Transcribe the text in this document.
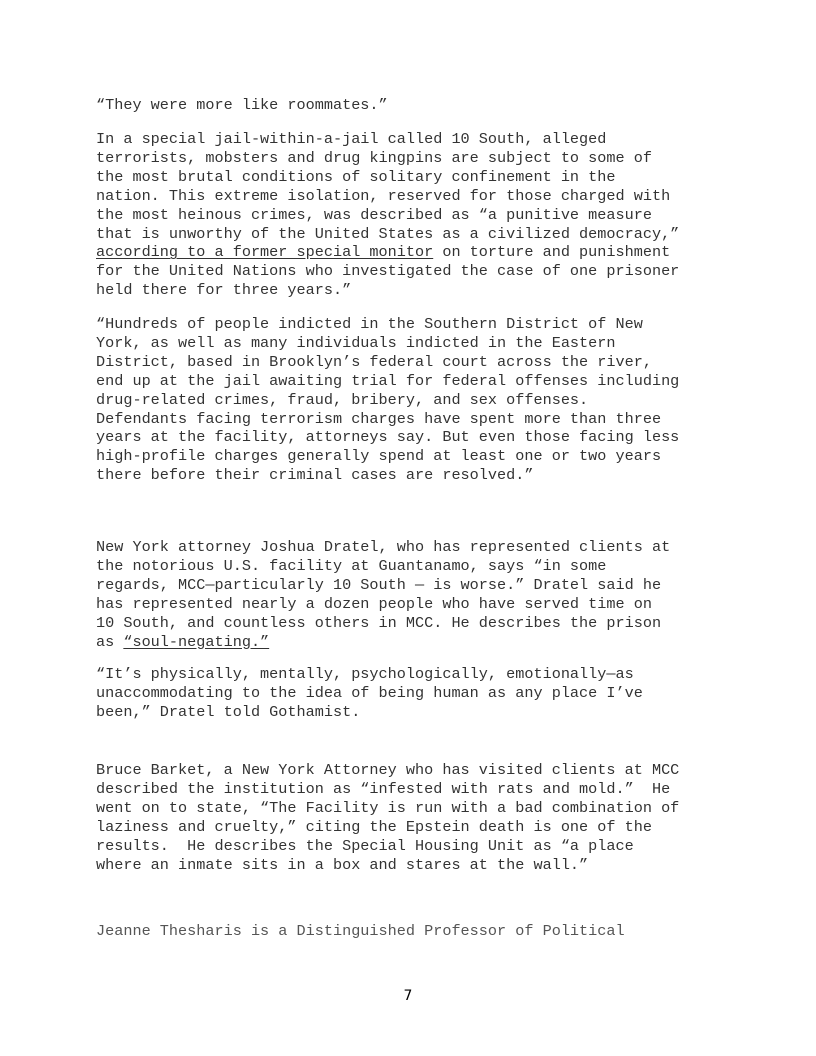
“They were more like roommates.”

In a special jail-within-a-jail called 10 South, alleged
terrorists, mobsters and drug kingpins are subject to some of
the most brutal conditions of solitary confinement in the
nation. This extreme isolation, reserved for those charged with
the most heinous crimes, was described as “a punitive measure
that is unworthy of the United States as a civilized democracy,”
according to a former special monitor on torture and punishment
for the United Nations who investigated the case of one prisoner
held there for three years.”

“Hundreds of people indicted in the Southern District of New
York, as well as many individuals indicted in the Eastern
District, based in Brooklyn’s federal court across the river,
end up at the jail awaiting trial for federal offenses including
drug-related crimes, fraud, bribery, and sex offenses.
Defendants facing terrorism charges have spent more than three
years at the facility, attorneys say. But even those facing less
high-profile charges generally spend at least one or two years
there before their criminal cases are resolved.”

New York attorney Joshua Dratel, who has represented clients at
the notorious U.S. facility at Guantanamo, says “in some
regards, MCC—particularly 10 South — is worse.” Dratel said he
has represented nearly a dozen people who have served time on
10 South, and countless others in MCC. He describes the prison
as “soul-negating.”

“It’s physically, mentally, psychologically, emotionally—as
unaccommodating to the idea of being human as any place I’ve
been,” Dratel told Gothamist.

Bruce Barket, a New York Attorney who has visited clients at MCC
described the institution as “infested with rats and mold.”  He
went on to state, “The Facility is run with a bad combination of
laziness and cruelty,” citing the Epstein death is one of the
results.  He describes the Special Housing Unit as “a place
where an inmate sits in a box and stares at the wall.”

Jeanne Thesharis is a Distinguished Professor of Political

7
